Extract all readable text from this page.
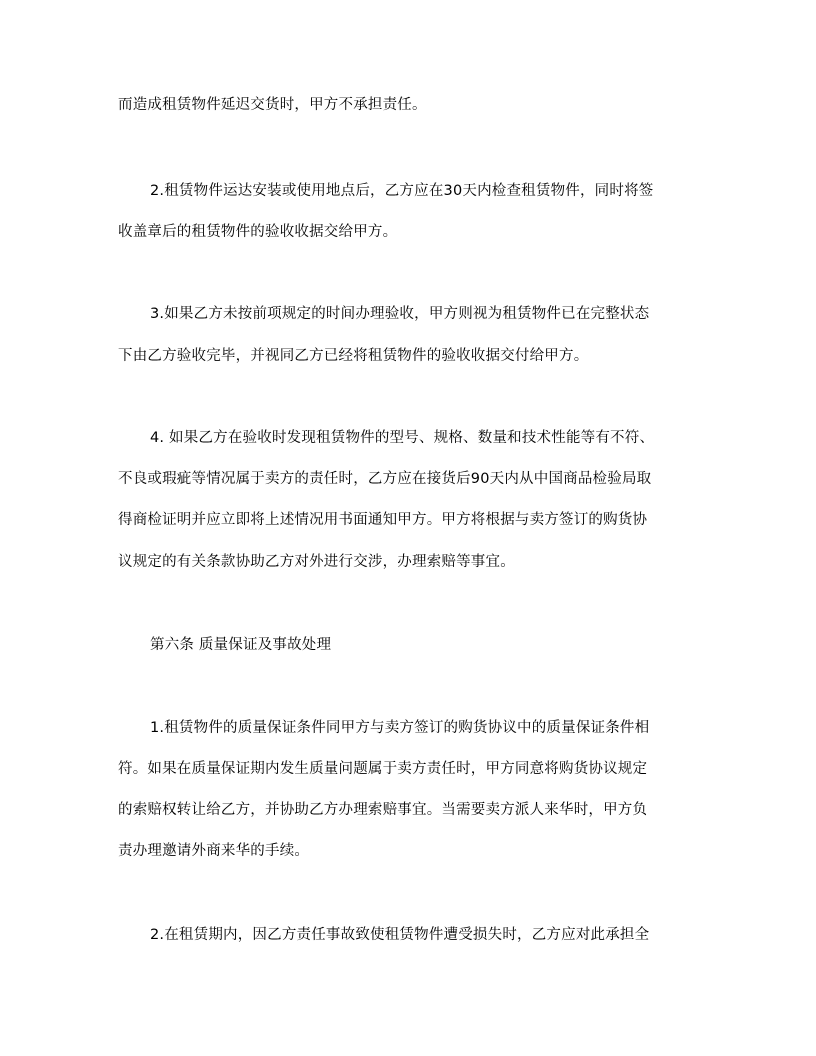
而造成租赁物件延迟交货时，甲方不承担责任。
2.租赁物件运达安装或使用地点后，乙方应在30天内检查租赁物件，同时将签
收盖章后的租赁物件的验收收据交给甲方。
3.如果乙方未按前项规定的时间办理验收，甲方则视为租赁物件已在完整状态
下由乙方验收完毕，并视同乙方已经将租赁物件的验收收据交付给甲方。
4. 如果乙方在验收时发现租赁物件的型号、规格、数量和技术性能等有不符、
不良或瑕疵等情况属于卖方的责任时，乙方应在接货后90天内从中国商品检验局取
得商检证明并应立即将上述情况用书面通知甲方。甲方将根据与卖方签订的购货协
议规定的有关条款协助乙方对外进行交涉，办理索赔等事宜。
第六条 质量保证及事故处理
1.租赁物件的质量保证条件同甲方与卖方签订的购货协议中的质量保证条件相
符。如果在质量保证期内发生质量问题属于卖方责任时，甲方同意将购货协议规定
的索赔权转让给乙方，并协助乙方办理索赔事宜。当需要卖方派人来华时，甲方负
责办理邀请外商来华的手续。
2.在租赁期内，因乙方责任事故致使租赁物件遭受损失时，乙方应对此承担全
